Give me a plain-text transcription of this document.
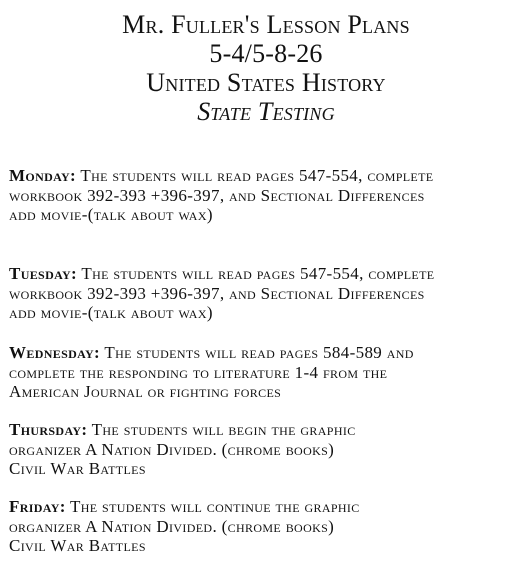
Mr. Fuller's Lesson Plans
5-4/5-8-26
United States History
State Testing
Monday: The students will read pages 547-554, complete
workbook 392-393 +396-397, and Sectional Differences
add movie-(talk about wax)
Tuesday: The students will read pages 547-554, complete
workbook 392-393 +396-397, and Sectional Differences
add movie-(talk about wax)
Wednesday: The students will read pages 584-589 and
complete the responding to literature 1-4 from the
American Journal or fighting forces
Thursday: The students will begin the graphic
organizer A Nation Divided. (chrome books)
Civil War Battles
Friday: The students will continue the graphic
organizer A Nation Divided. (chrome books)
Civil War Battles
